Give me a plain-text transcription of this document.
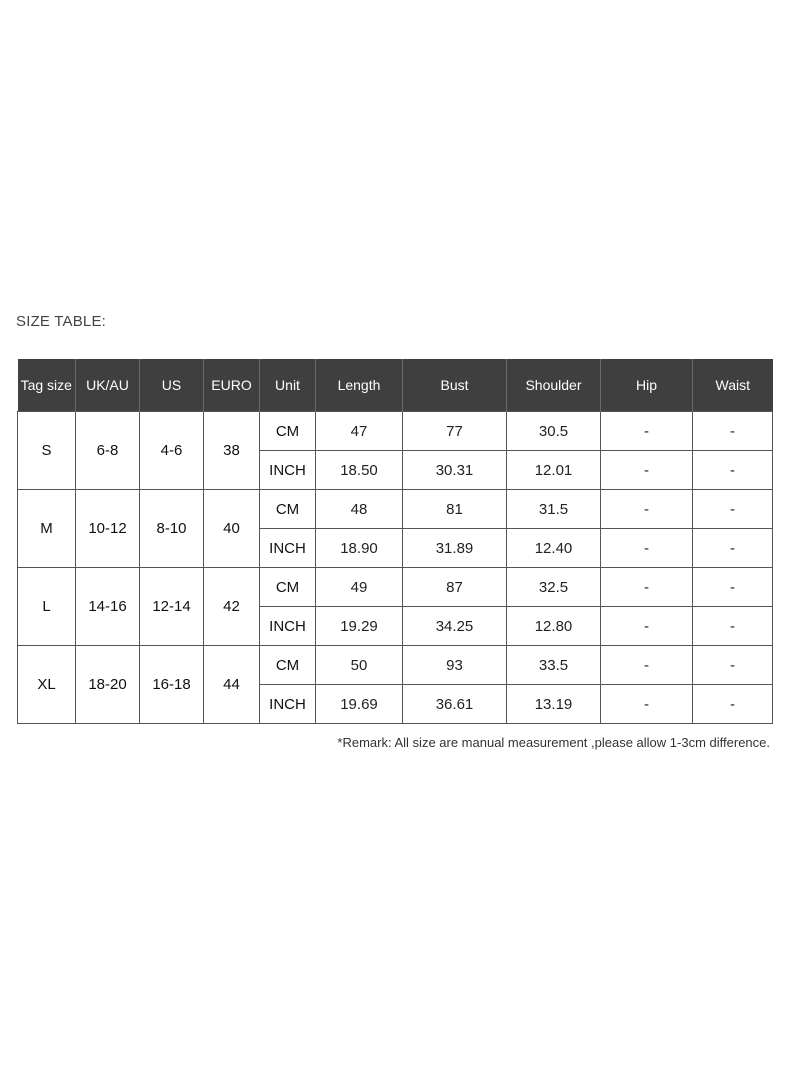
SIZE TABLE:
Tag size	UK/AU	US	EURO	Unit	Length	Bust	Shoulder	Hip	Waist
S	6-8	4-6	38	CM	47	77	30.5	-	-
				INCH	18.50	30.31	12.01	-	-
M	10-12	8-10	40	CM	48	81	31.5	-	-
				INCH	18.90	31.89	12.40	-	-
L	14-16	12-14	42	CM	49	87	32.5	-	-
				INCH	19.29	34.25	12.80	-	-
XL	18-20	16-18	44	CM	50	93	33.5	-	-
				INCH	19.69	36.61	13.19	-	-
*Remark: All size are manual measurement ,please allow 1-3cm difference.
